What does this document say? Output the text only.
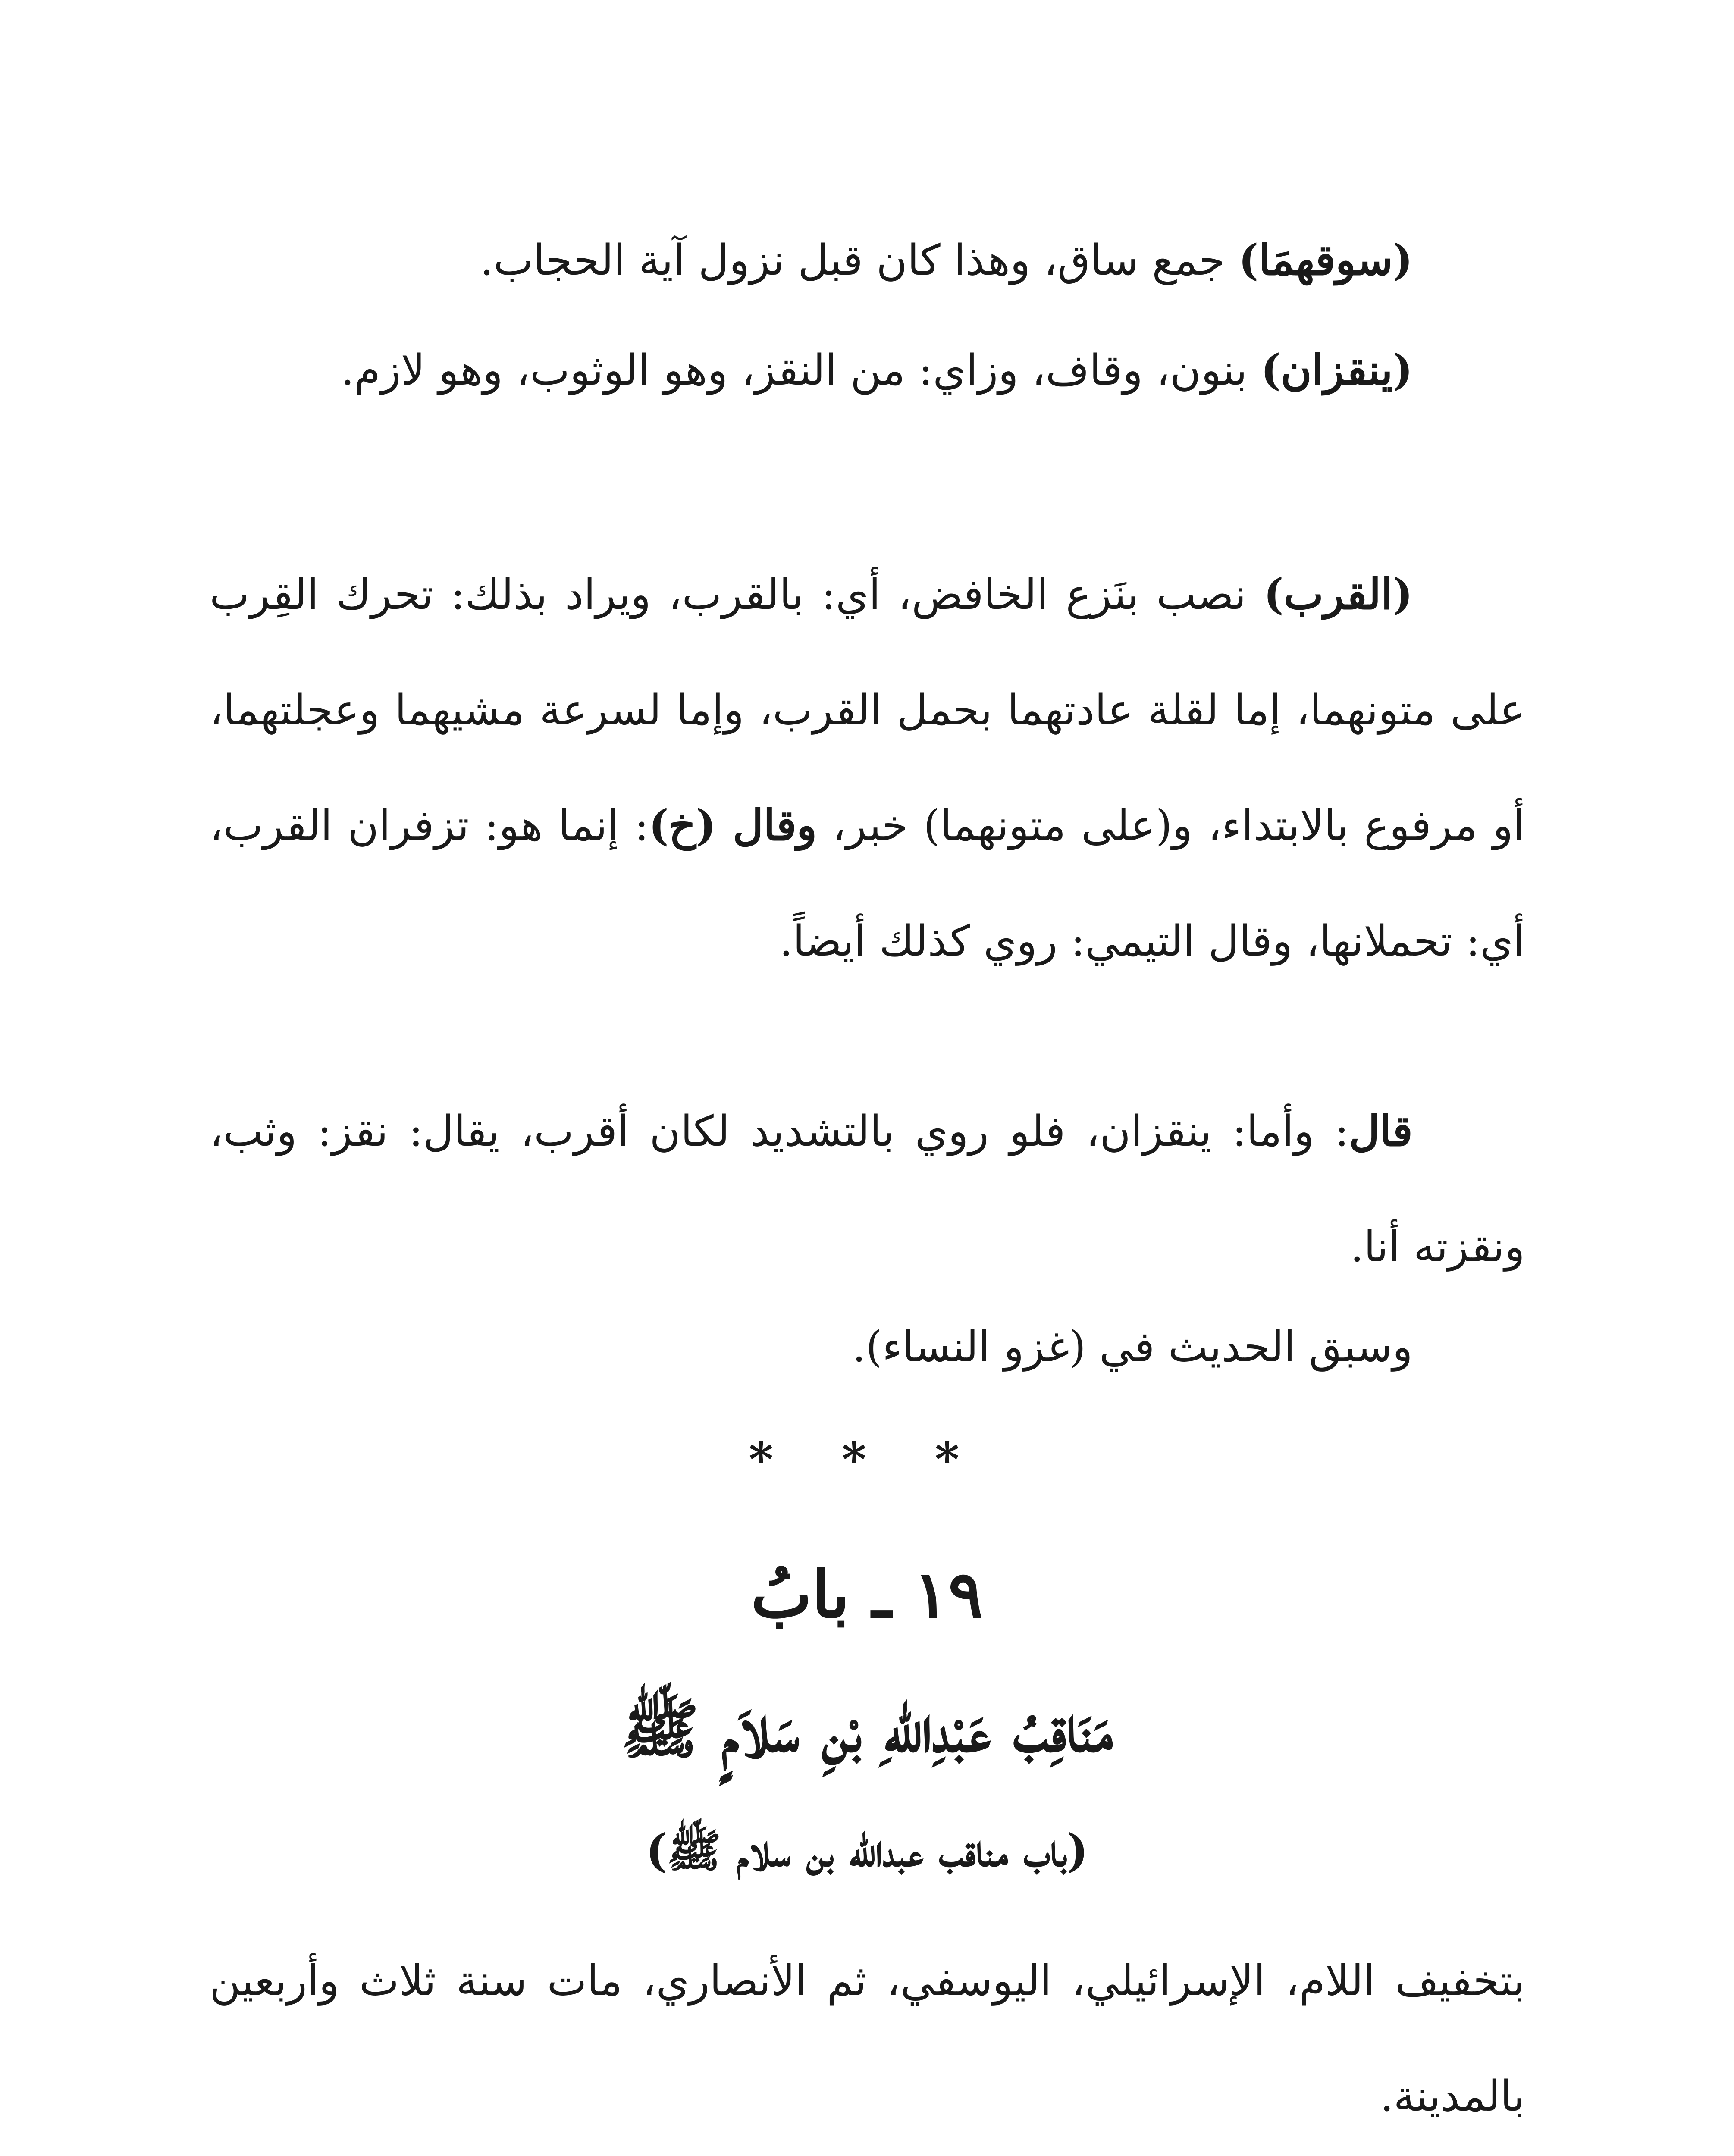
(سوقهمَا) جمع ساق، وهذا كان قبل نزول آية الحجاب.

(ينقزان) بنون، وقاف، وزاي: من النقز، وهو الوثوب، وهو لازم.

(القرب) نصب بنَزع الخافض، أي: بالقرب، ويراد بذلك: تحرك القِرب على متونهما، إما لقلة عادتهما بحمل القرب، وإما لسرعة مشيهما وعجلتهما، أو مرفوع بالابتداء، و(على متونهما) خبر، وقال (خ): إنما هو: تزفران القرب، أي: تحملانها، وقال التيمي: روي كذلك أيضاً.

قال: وأما: ينقزان، فلو روي بالتشديد لكان أقرب، يقال: نقز: وثب، ونقزته أنا.

وسبق الحديث في (غزو النساء).

* * *

١٩ ـ بابُ

مَنَاقِبُ عَبْدِاللهِ بْنِ سَلاَمٍ ﷺ

(باب مناقب عبدالله بن سلام ﷺ)

بتخفيف اللام، الإسرائيلي، اليوسفي، ثم الأنصاري، مات سنة ثلاث وأربعين بالمدينة.
